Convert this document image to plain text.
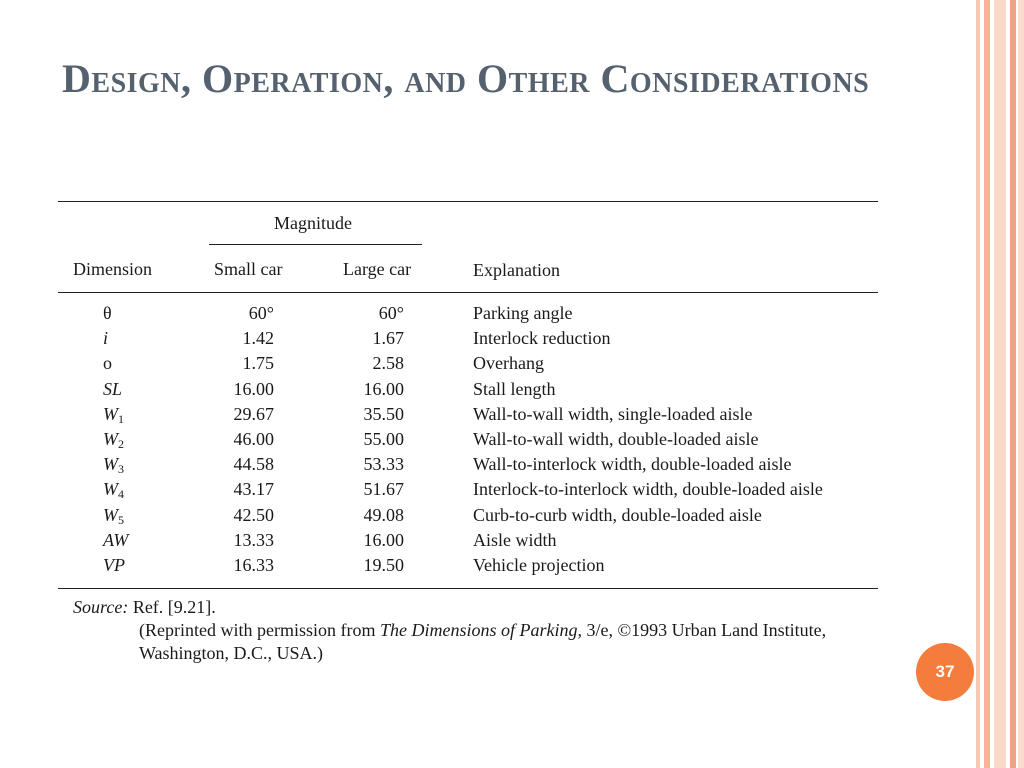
Design, Operation, and Other Considerations
Magnitude
Dimension	Small car	Large car	Explanation
θ	60°	60°	Parking angle
i	1.42	1.67	Interlock reduction
o	1.75	2.58	Overhang
SL	16.00	16.00	Stall length
$W_1$	29.67	35.50	Wall-to-wall width, single-loaded aisle
$W_2$	46.00	55.00	Wall-to-wall width, double-loaded aisle
$W_3$	44.58	53.33	Wall-to-interlock width, double-loaded aisle
$W_4$	43.17	51.67	Interlock-to-interlock width, double-loaded aisle
$W_5$	42.50	49.08	Curb-to-curb width, double-loaded aisle
AW	13.33	16.00	Aisle width
VP	16.33	19.50	Vehicle projection
Source: Ref. [9.21].
(Reprinted with permission from The Dimensions of Parking, 3/e, ©1993 Urban Land Institute,
Washington, D.C., USA.)
37
